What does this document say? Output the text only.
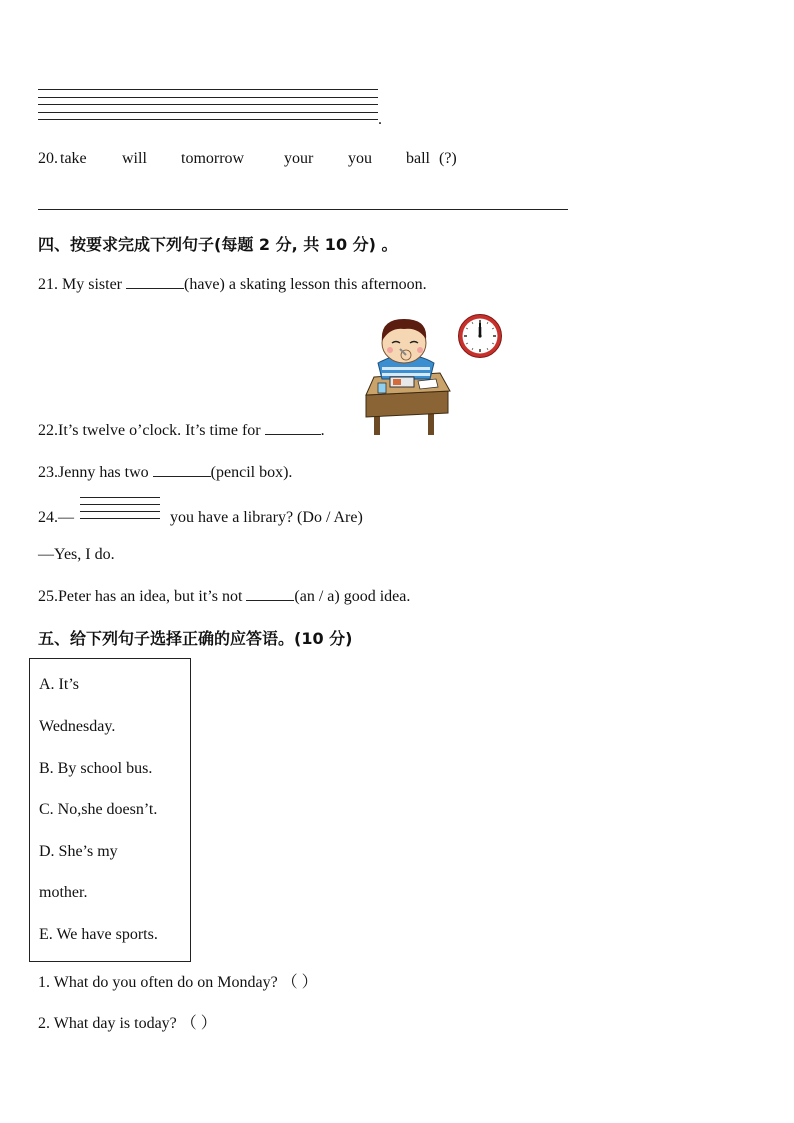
.
20. take will tomorrow your you ball (?)
四、按要求完成下列句子(每题 2 分, 共 10 分) 。
21. My sister	(have) a skating lesson this afternoon.
22.It’s twelve o’clock. It’s time for	.
23.Jenny has two	(pencil box).
24.—	you have a library? (Do / Are)
—Yes, I do.
25.Peter has an idea, but it’s not	(an / a) good idea.
五、给下列句子选择正确的应答语。(10 分)
A. It’s
Wednesday.
B. By school bus.
C. No,she doesn’t.
D. She’s my
mother.
E. We have sports.
1. What do you often do on Monday? （ ）
2. What day is today? （ ）
